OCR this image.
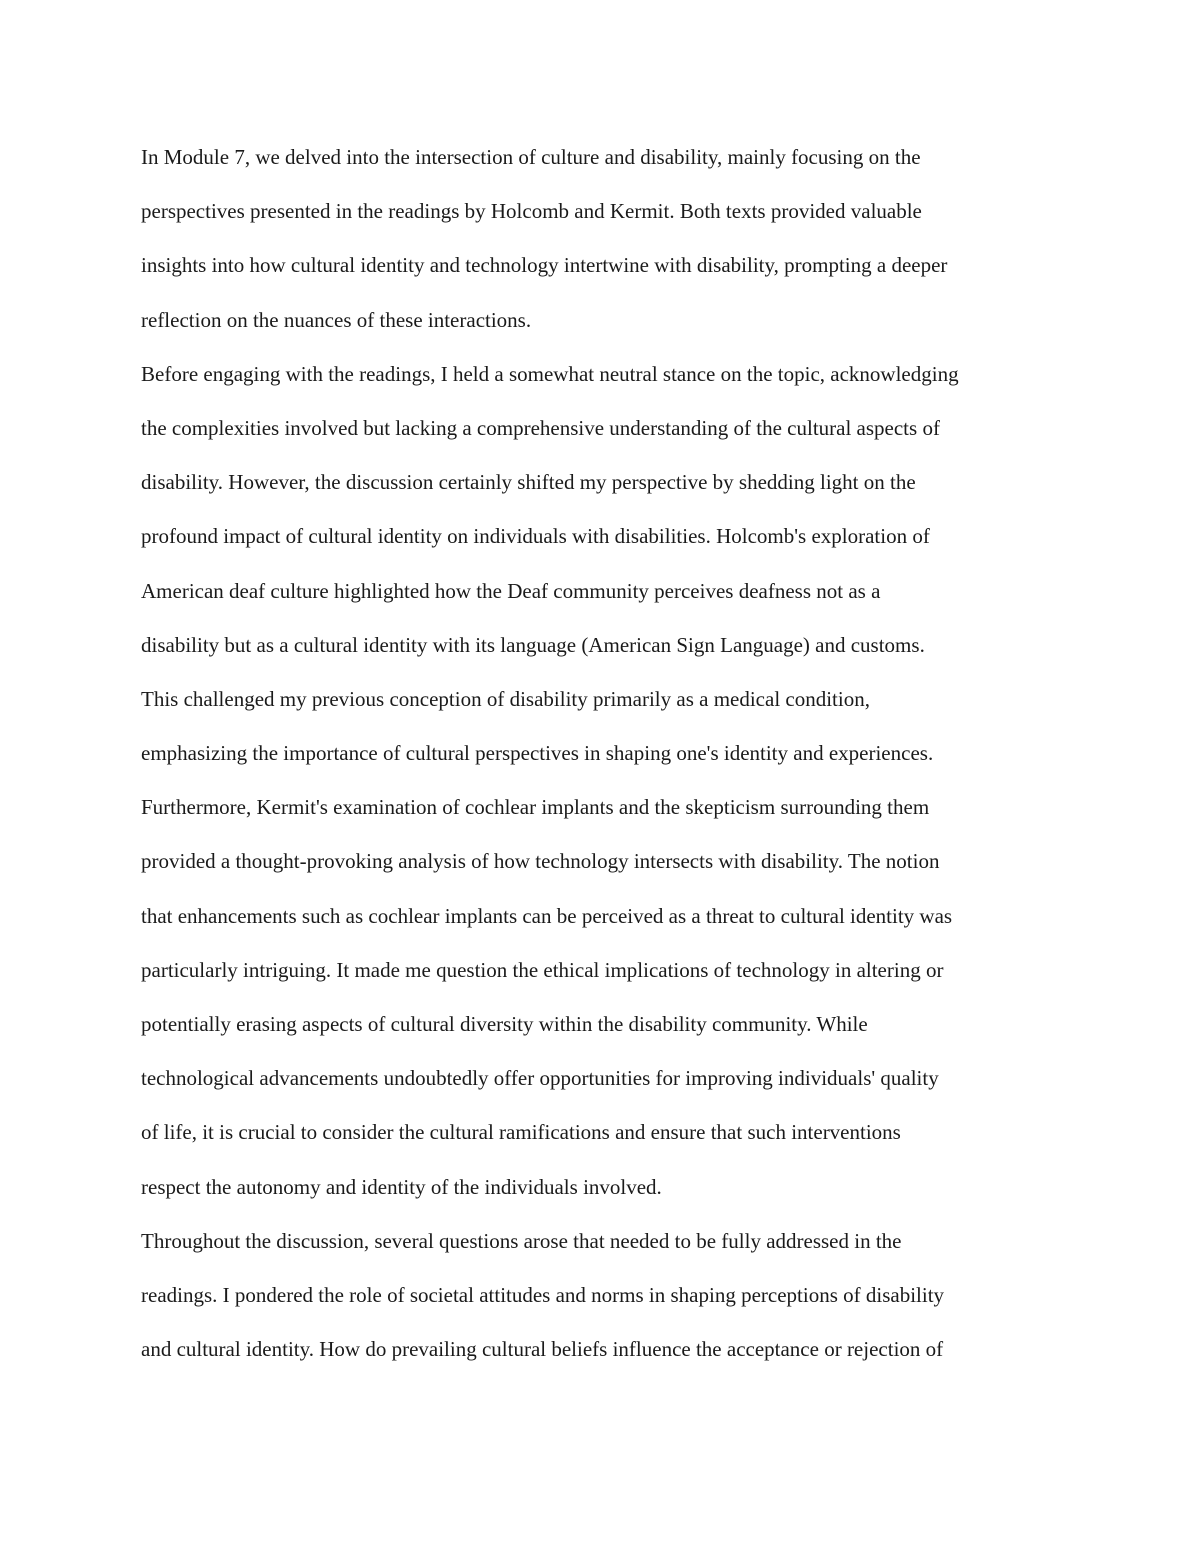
In Module 7, we delved into the intersection of culture and disability, mainly focusing on the
perspectives presented in the readings by Holcomb and Kermit. Both texts provided valuable
insights into how cultural identity and technology intertwine with disability, prompting a deeper
reflection on the nuances of these interactions.
Before engaging with the readings, I held a somewhat neutral stance on the topic, acknowledging
the complexities involved but lacking a comprehensive understanding of the cultural aspects of
disability. However, the discussion certainly shifted my perspective by shedding light on the
profound impact of cultural identity on individuals with disabilities. Holcomb's exploration of
American deaf culture highlighted how the Deaf community perceives deafness not as a
disability but as a cultural identity with its language (American Sign Language) and customs.
This challenged my previous conception of disability primarily as a medical condition,
emphasizing the importance of cultural perspectives in shaping one's identity and experiences.
Furthermore, Kermit's examination of cochlear implants and the skepticism surrounding them
provided a thought-provoking analysis of how technology intersects with disability. The notion
that enhancements such as cochlear implants can be perceived as a threat to cultural identity was
particularly intriguing. It made me question the ethical implications of technology in altering or
potentially erasing aspects of cultural diversity within the disability community. While
technological advancements undoubtedly offer opportunities for improving individuals' quality
of life, it is crucial to consider the cultural ramifications and ensure that such interventions
respect the autonomy and identity of the individuals involved.
Throughout the discussion, several questions arose that needed to be fully addressed in the
readings. I pondered the role of societal attitudes and norms in shaping perceptions of disability
and cultural identity. How do prevailing cultural beliefs influence the acceptance or rejection of
